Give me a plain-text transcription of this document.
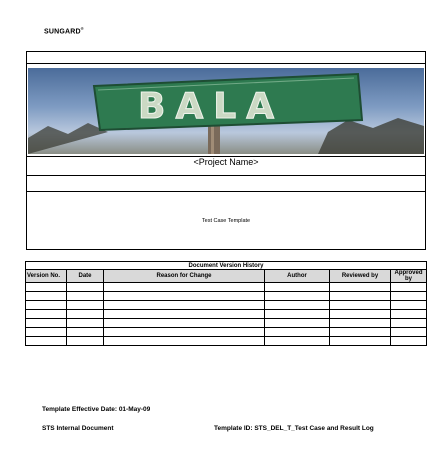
SUNGARD®
BALA
<Project Name>
Test Case Template
Document Version History					
Version No.	Date	Reason for Change	Author	Reviewed by	Approved by

Template Effective Date: 01-May-09
STS Internal Document	Template ID: STS_DEL_T_Test Case and Result Log
